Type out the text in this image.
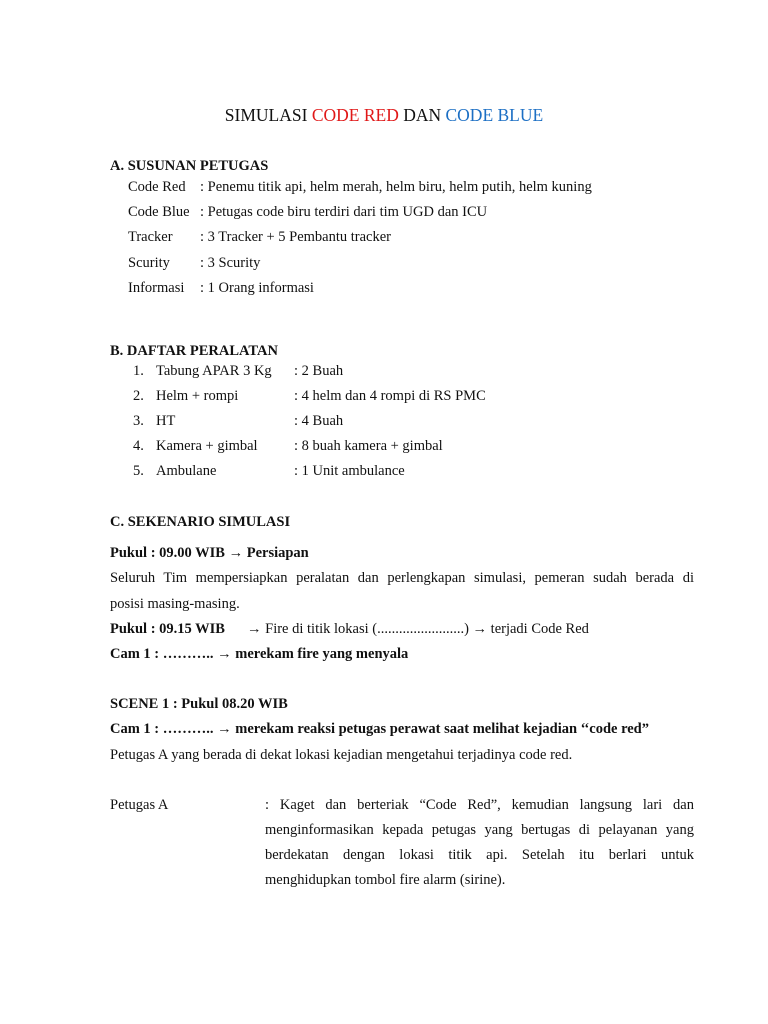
SIMULASI CODE RED DAN CODE BLUE
A. SUSUNAN PETUGAS
Code Red : Penemu titik api, helm merah, helm biru, helm putih, helm kuning
Code Blue : Petugas code biru terdiri dari tim UGD dan ICU
Tracker : 3 Tracker + 5 Pembantu tracker
Scurity : 3 Scurity
Informasi : 1 Orang informasi
B. DAFTAR PERALATAN
1. Tabung APAR 3 Kg : 2 Buah
2. Helm + rompi	: 4 helm dan 4 rompi di RS PMC
3. HT	: 4 Buah
4. Kamera + gimbal	: 8 buah kamera + gimbal
5. Ambulane	: 1 Unit ambulance
C. SEKENARIO SIMULASI
Pukul : 09.00 WIB → Persiapan
Seluruh Tim mempersiapkan peralatan dan perlengkapan simulasi, pemeran sudah berada di
posisi masing-masing.
Pukul : 09.15 WIB → Fire di titik lokasi (........................) → terjadi Code Red
Cam 1 : ……….. → merekam fire yang menyala
SCENE 1 : Pukul 08.20 WIB
Cam 1 : ……….. → merekam reaksi petugas perawat saat melihat kejadian ‘‘code red”
Petugas A yang berada di dekat lokasi kejadian mengetahui terjadinya code red.
Petugas A	: Kaget dan berteriak “Code Red”, kemudian langsung lari dan
menginformasikan kepada petugas yang bertugas di pelayanan yang
berdekatan dengan lokasi titik api. Setelah itu berlari untuk
menghidupkan tombol fire alarm (sirine).
